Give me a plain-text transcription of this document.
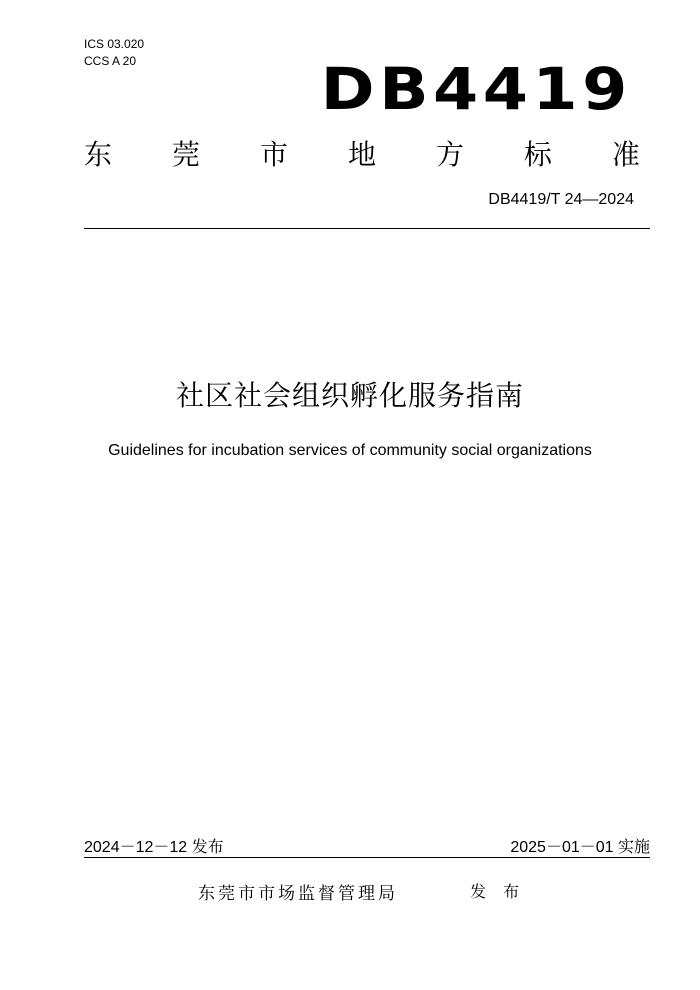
ICS 03.020
CCS A 20	DB4419
东 莞 市 地 方 标 准
DB4419/T 24—2024
社区社会组织孵化服务指南
Guidelines for incubation services of community social organizations
2024－12－12 发布	2025－01－01 实施
东莞市市场监督管理局	发 布
